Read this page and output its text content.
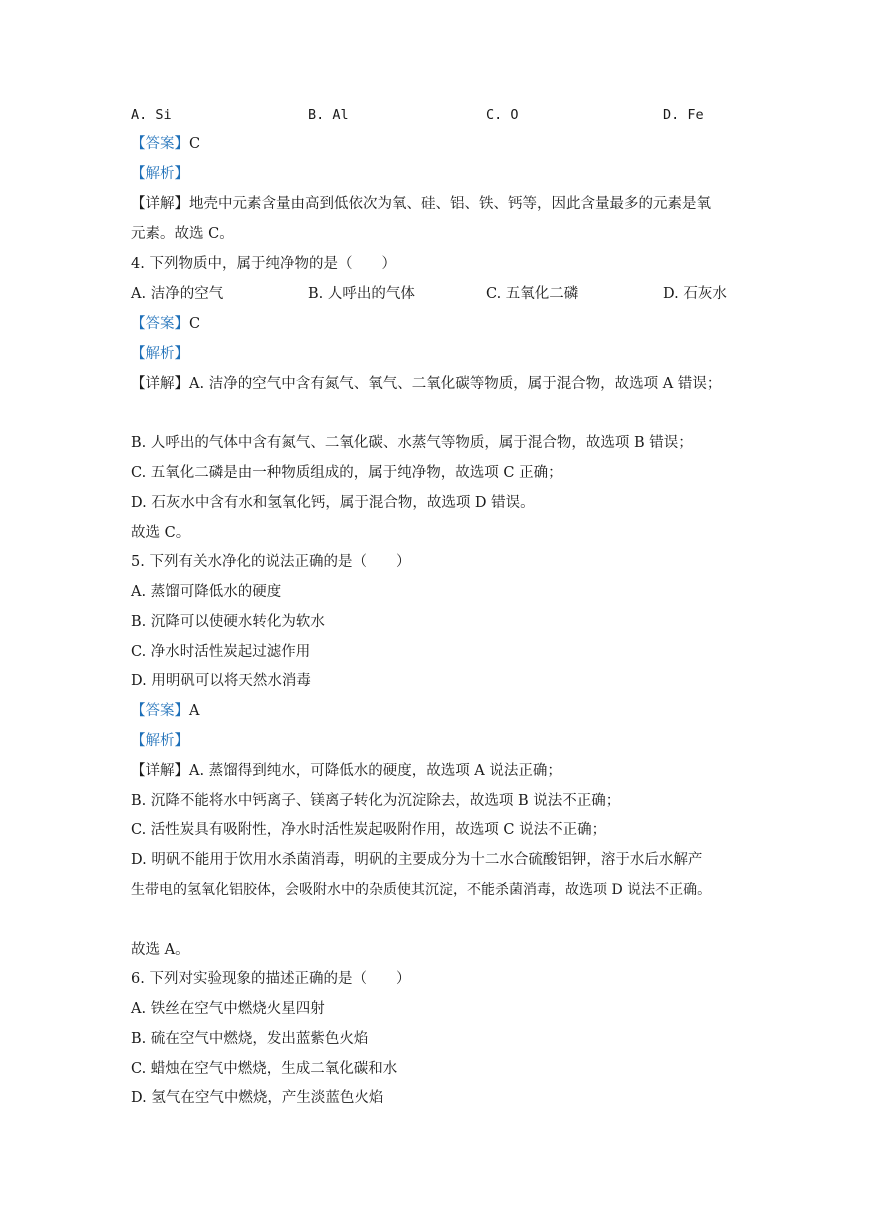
A. Si	B. Al	C. O	D. Fe
【答案】C
【解析】
【详解】地壳中元素含量由高到低依次为氧、硅、铝、铁、钙等，因此含量最多的元素是氧
元素。故选 C。
4. 下列物质中，属于纯净物的是（　　）
A. 洁净的空气	B. 人呼出的气体	C. 五氧化二磷	D. 石灰水
【答案】C
【解析】
【详解】A. 洁净的空气中含有氮气、氧气、二氧化碳等物质，属于混合物，故选项 A 错误；
B. 人呼出的气体中含有氮气、二氧化碳、水蒸气等物质，属于混合物，故选项 B 错误；
C. 五氧化二磷是由一种物质组成的，属于纯净物，故选项 C 正确；
D. 石灰水中含有水和氢氧化钙，属于混合物，故选项 D 错误。
故选 C。
5. 下列有关水净化的说法正确的是（　　）
A. 蒸馏可降低水的硬度
B. 沉降可以使硬水转化为软水
C. 净水时活性炭起过滤作用
D. 用明矾可以将天然水消毒
【答案】A
【解析】
【详解】A. 蒸馏得到纯水，可降低水的硬度，故选项 A 说法正确；
B. 沉降不能将水中钙离子、镁离子转化为沉淀除去，故选项 B 说法不正确；
C. 活性炭具有吸附性，净水时活性炭起吸附作用，故选项 C 说法不正确；
D. 明矾不能用于饮用水杀菌消毒，明矾的主要成分为十二水合硫酸铝钾，溶于水后水解产
生带电的氢氧化铝胶体，会吸附水中的杂质使其沉淀，不能杀菌消毒，故选项 D 说法不正确。
故选 A。
6. 下列对实验现象的描述正确的是（　　）
A. 铁丝在空气中燃烧火星四射
B. 硫在空气中燃烧，发出蓝紫色火焰
C. 蜡烛在空气中燃烧，生成二氧化碳和水
D. 氢气在空气中燃烧，产生淡蓝色火焰
